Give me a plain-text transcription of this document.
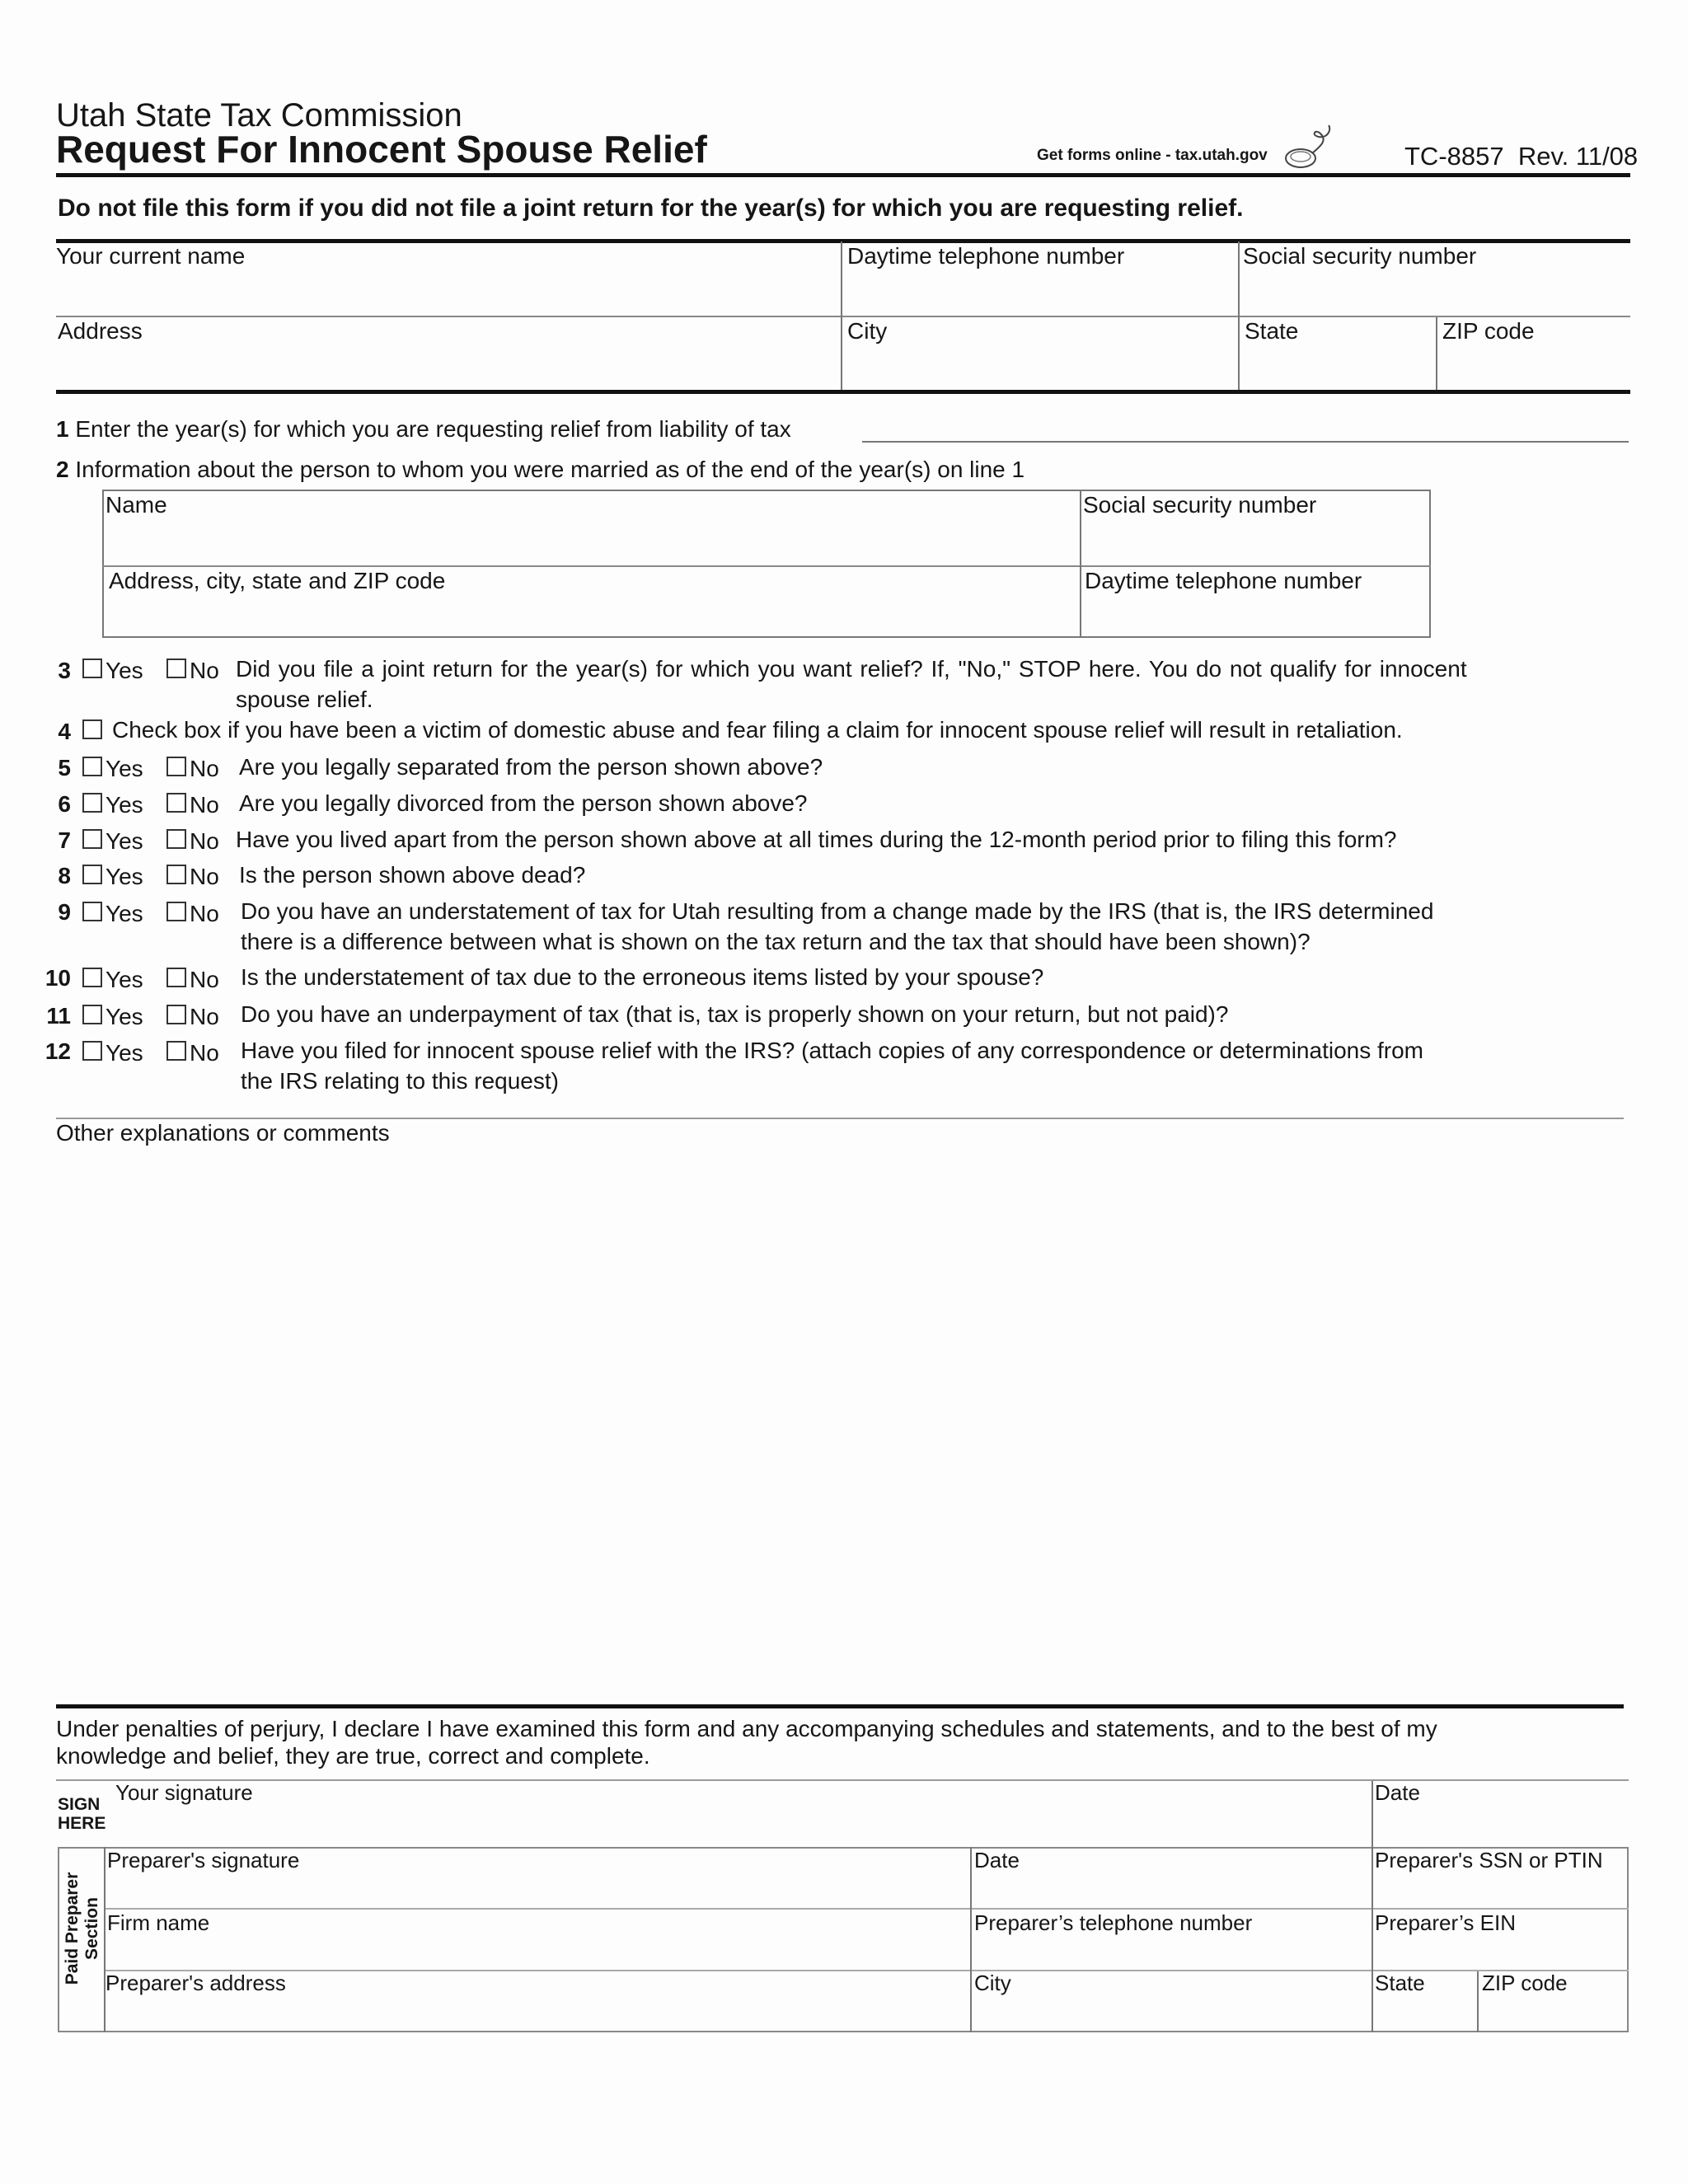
Utah State Tax Commission
Request For Innocent Spouse Relief	Get forms online - tax.utah.gov	TC-8857  Rev. 11/08
Do not file this form if you did not file a joint return for the year(s) for which you are requesting relief.
Your current name	Daytime telephone number	Social security number
Address	City	State	ZIP code
1 Enter the year(s) for which you are requesting relief from liability of tax
2 Information about the person to whom you were married as of the end of the year(s) on line 1
Name	Social security number
Address, city, state and ZIP code	Daytime telephone number
3 Yes No Did you file a joint return for the year(s) for which you want relief? If, "No," STOP here. You do not qualify for innocent
spouse relief.
4 Check box if you have been a victim of domestic abuse and fear filing a claim for innocent spouse relief will result in retaliation.
5 Yes No Are you legally separated from the person shown above?
6 Yes No Are you legally divorced from the person shown above?
7 Yes No Have you lived apart from the person shown above at all times during the 12-month period prior to filing this form?
8 Yes No Is the person shown above dead?
9 Yes No Do you have an understatement of tax for Utah resulting from a change made by the IRS (that is, the IRS determined
there is a difference between what is shown on the tax return and the tax that should have been shown)?
10 Yes No Is the understatement of tax due to the erroneous items listed by your spouse?
11 Yes No Do you have an underpayment of tax (that is, tax is properly shown on your return, but not paid)?
12 Yes No Have you filed for innocent spouse relief with the IRS? (attach copies of any correspondence or determinations from
the IRS relating to this request)
Other explanations or comments
Under penalties of perjury, I declare I have examined this form and any accompanying schedules and statements, and to the best of my
knowledge and belief, they are true, correct and complete.
SIGN
HERE
Your signature	Date
Paid Preparer Section
Preparer's signature	Date	Preparer's SSN or PTIN
Firm name	Preparer’s telephone number	Preparer’s EIN
Preparer's address	City	State	ZIP code
